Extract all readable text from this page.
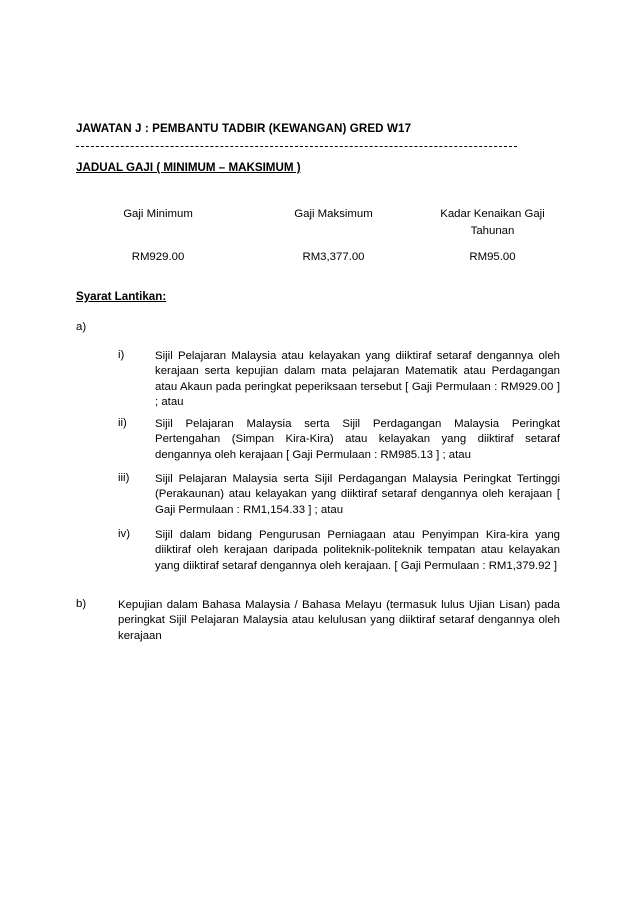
JAWATAN J : PEMBANTU TADBIR (KEWANGAN) GRED W17
JADUAL GAJI ( MINIMUM – MAKSIMUM )
Gaji Minimum	Gaji Maksimum	Kadar Kenaikan Gaji Tahunan
RM929.00	RM3,377.00	RM95.00
Syarat Lantikan:
a)
i)	Sijil Pelajaran Malaysia atau kelayakan yang diiktiraf setaraf dengannya oleh kerajaan serta kepujian dalam mata pelajaran Matematik atau Perdagangan atau Akaun pada peringkat peperiksaan tersebut [ Gaji Permulaan : RM929.00 ] ; atau
ii) Sijil Pelajaran Malaysia serta Sijil Perdagangan Malaysia Peringkat Pertengahan (Simpan Kira-Kira) atau kelayakan yang diiktiraf setaraf dengannya oleh kerajaan [ Gaji Permulaan : RM985.13 ] ; atau
iii) Sijil Pelajaran Malaysia serta Sijil Perdagangan Malaysia Peringkat Tertinggi (Perakaunan) atau kelayakan yang diiktiraf setaraf dengannya oleh kerajaan [ Gaji Permulaan : RM1,154.33 ] ; atau
iv) Sijil dalam bidang Pengurusan Perniagaan atau Penyimpan Kira-kira yang diiktiraf oleh kerajaan daripada politeknik-politeknik tempatan atau kelayakan yang diiktiraf setaraf dengannya oleh kerajaan. [ Gaji Permulaan : RM1,379.92 ]
b)	Kepujian dalam Bahasa Malaysia / Bahasa Melayu (termasuk lulus Ujian Lisan) pada peringkat Sijil Pelajaran Malaysia atau kelulusan yang diiktiraf setaraf dengannya oleh kerajaan
